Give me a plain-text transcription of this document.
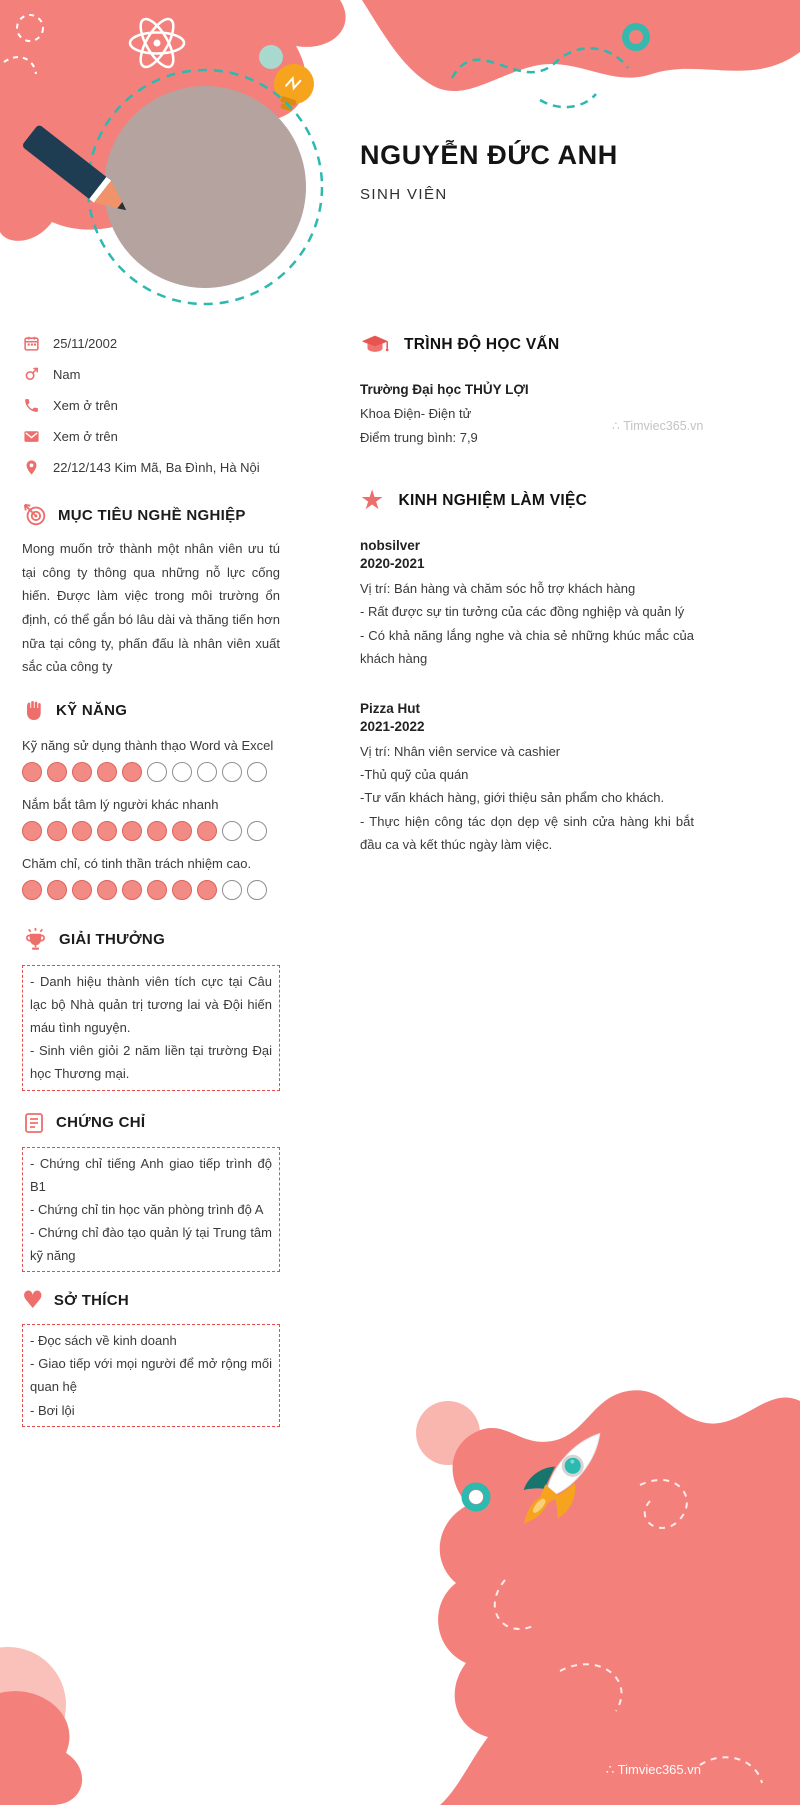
NGUYỄN ĐỨC ANH
SINH VIÊN
∴ Timviec365.vn
25/11/2002
Nam
Xem ở trên
Xem ở trên
22/12/143 Kim Mã, Ba Đình, Hà Nội
MỤC TIÊU NGHỀ NGHIỆP

Mong muốn trở thành một nhân viên ưu tú tại công ty thông qua những nỗ lực cống hiến. Được làm việc trong môi trường ổn định, có thể gắn bó lâu dài và thăng tiến hơn nữa tại công ty, phấn đấu là nhân viên xuất sắc của công ty

KỸ NĂNG
Kỹ năng sử dụng thành thạo Word và Excel
Nắm bắt tâm lý người khác nhanh
Chăm chỉ, có tinh thần trách nhiệm cao.
GIẢI THƯỞNG
- Danh hiệu thành viên tích cực tại Câu lạc bộ Nhà quản trị tương lai và Đội hiến máu tình nguyện.
- Sinh viên giỏi 2 năm liền tại trường Đại học Thương mại.
CHỨNG CHỈ
- Chứng chỉ tiếng Anh giao tiếp trình độ B1
- Chứng chỉ tin học văn phòng trình độ A
- Chứng chỉ đào tạo quản lý tại Trung tâm kỹ năng
♥ SỞ THÍCH
- Đọc sách về kinh doanh
- Giao tiếp với mọi người để mở rộng mối quan hệ
- Bơi lội
TRÌNH ĐỘ HỌC VẤN
Trường Đại học THỦY LỢI
Khoa Điện- Điện tử
Điểm trung bình: 7,9
★ KINH NGHIỆM LÀM VIỆC
nobsilver
2020-2021
Vị trí: Bán hàng và chăm sóc hỗ trợ khách hàng
- Rất được sự tin tưởng của các đồng nghiệp và quản lý
- Có khả năng lắng nghe và chia sẻ những khúc mắc của khách hàng
Pizza Hut
2021-2022
Vị trí: Nhân viên service và cashier
-Thủ quỹ của quán
-Tư vấn khách hàng, giới thiệu sản phẩm cho khách.
- Thực hiện công tác dọn dẹp vệ sinh cửa hàng khi bắt đầu ca và kết thúc ngày làm việc.
∴ Timviec365.vn
